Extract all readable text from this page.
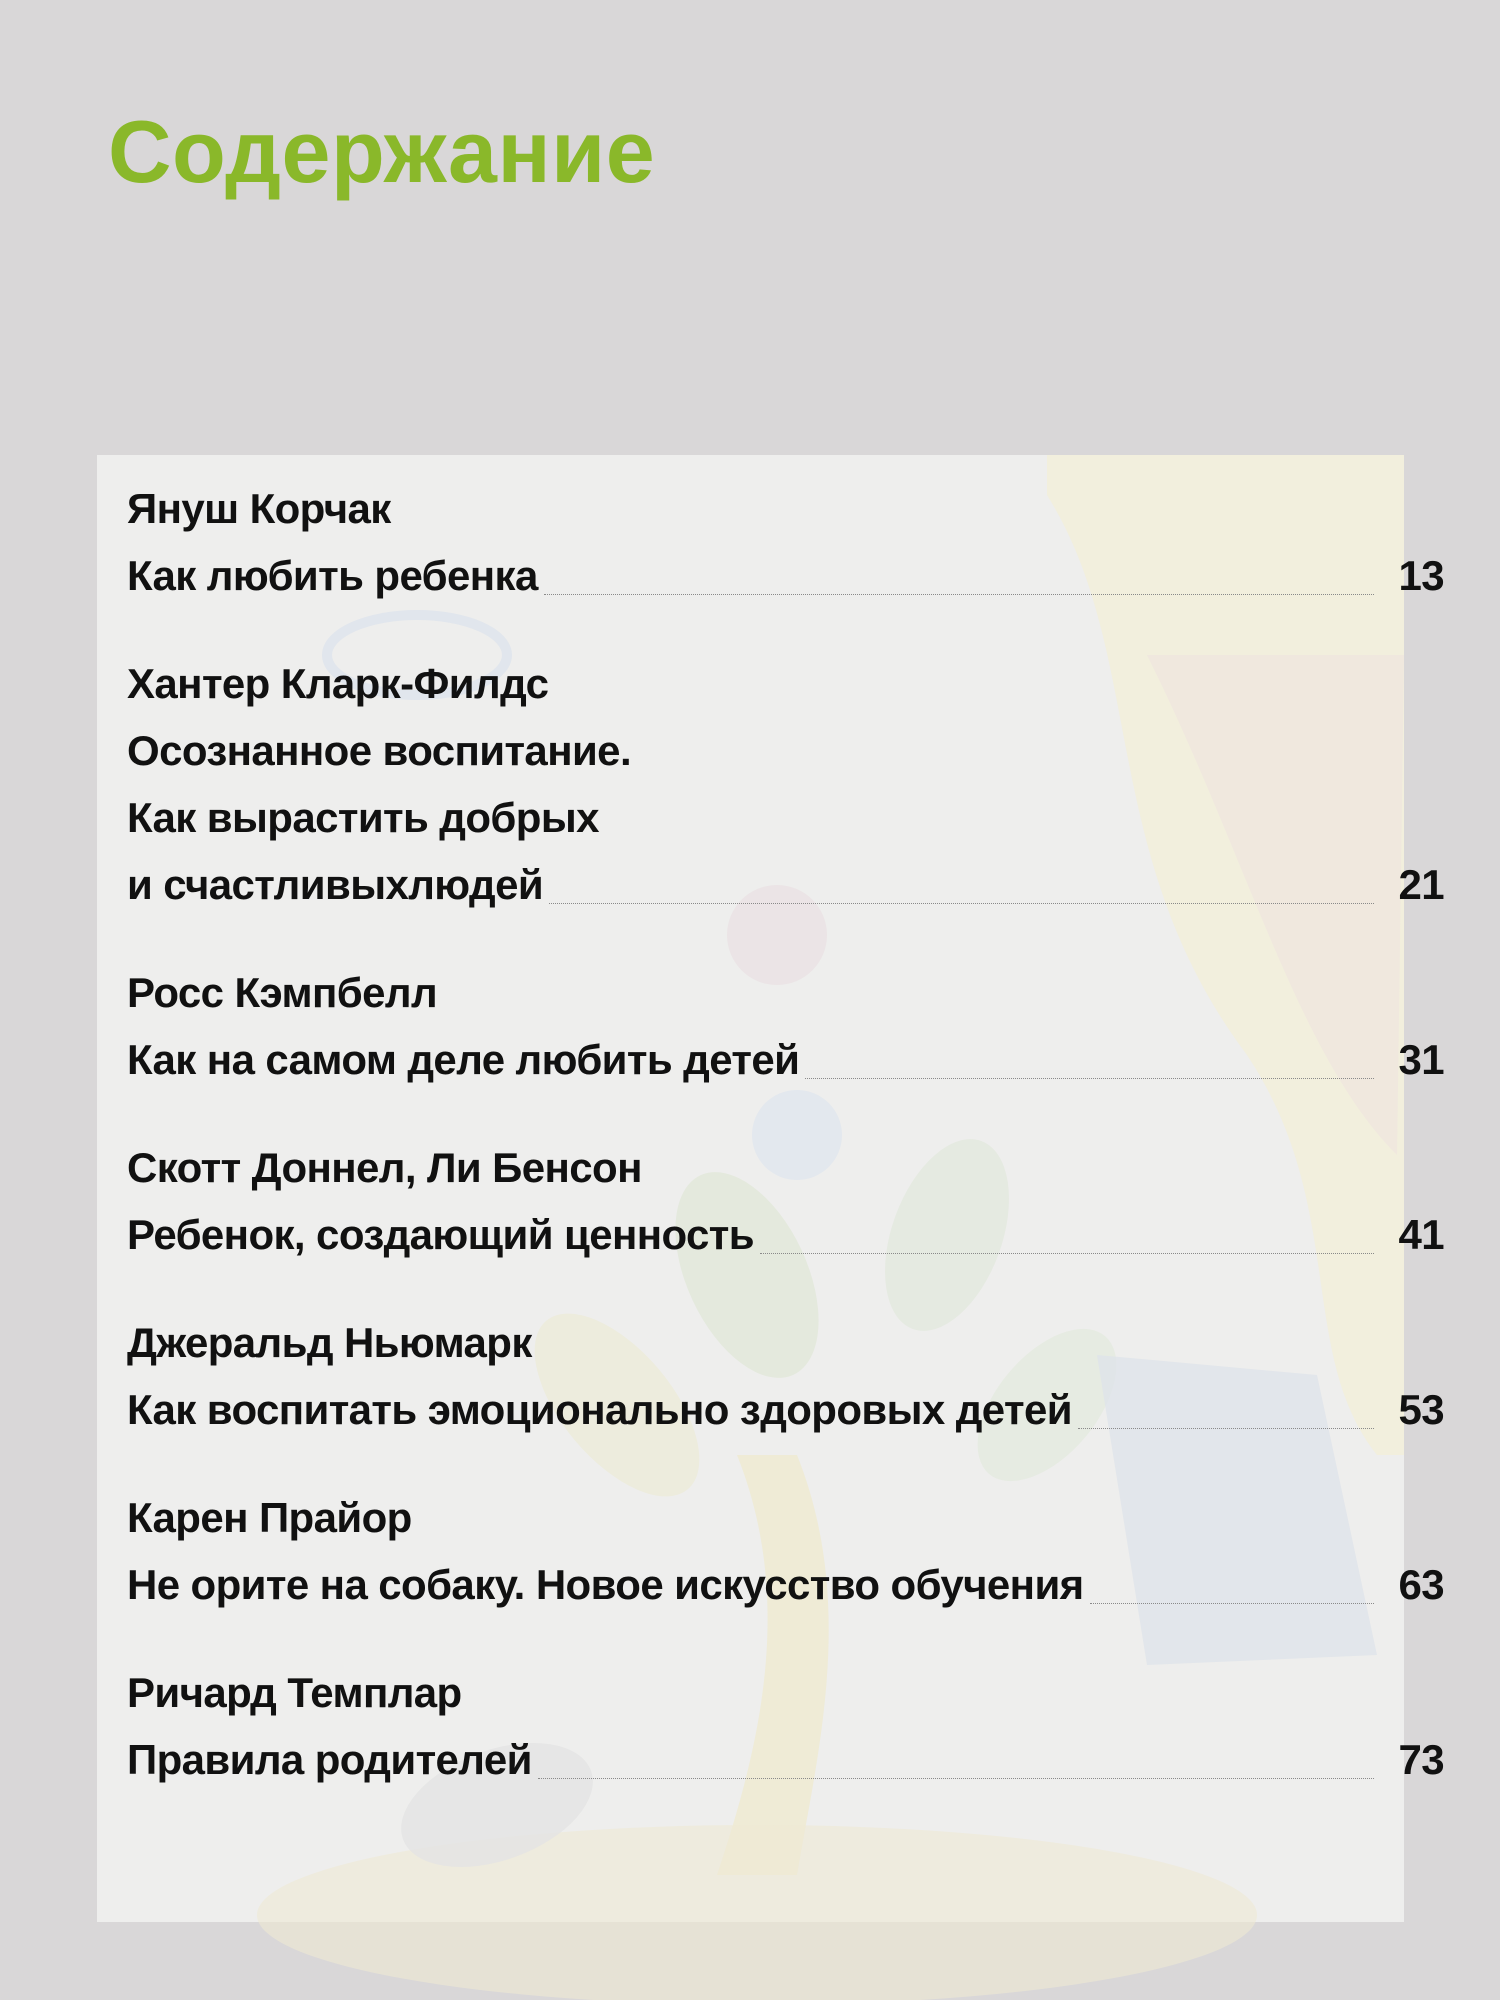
Содержание
Януш Корчак
Как любить ребенка	13
Хантер Кларк-Филдс
Осознанное воспитание.
Как вырастить добрых
и счастливыхлюдей	21
Росс Кэмпбелл
Как на самом деле любить детей	31
Скотт Доннел, Ли Бенсон
Ребенок, создающий ценность	41
Джеральд Ньюмарк
Как воспитать эмоционально здоровых детей	53
Карен Прайор
Не орите на собаку. Новое искусство обучения	63
Ричард Темплар
Правила родителей	73
